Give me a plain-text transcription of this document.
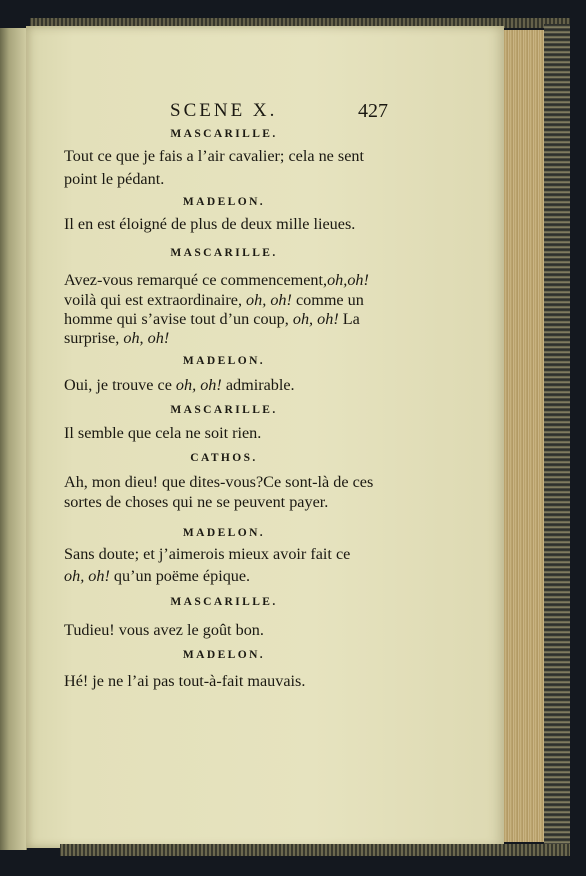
SCENE X.	427
MASCARILLE.
Tout ce que je fais a l’air cavalier; cela ne sent
point le pédant.
MADELON.
Il en est éloigné de plus de deux mille lieues.
MASCARILLE.
Avez-vous remarqué ce commencement,oh,oh!
voilà qui est extraordinaire, oh, oh! comme un
homme qui s’avise tout d’un coup, oh, oh! La
surprise, oh, oh!
MADELON.
Oui, je trouve ce oh, oh! admirable.
MASCARILLE.
Il semble que cela ne soit rien.
CATHOS.
Ah, mon dieu! que dites-vous?Ce sont-là de ces
sortes de choses qui ne se peuvent payer.
MADELON.
Sans doute; et j’aimerois mieux avoir fait ce
oh, oh! qu’un poëme épique.
MASCARILLE.
Tudieu! vous avez le goût bon.
MADELON.
Hé! je ne l’ai pas tout-à-fait mauvais.
